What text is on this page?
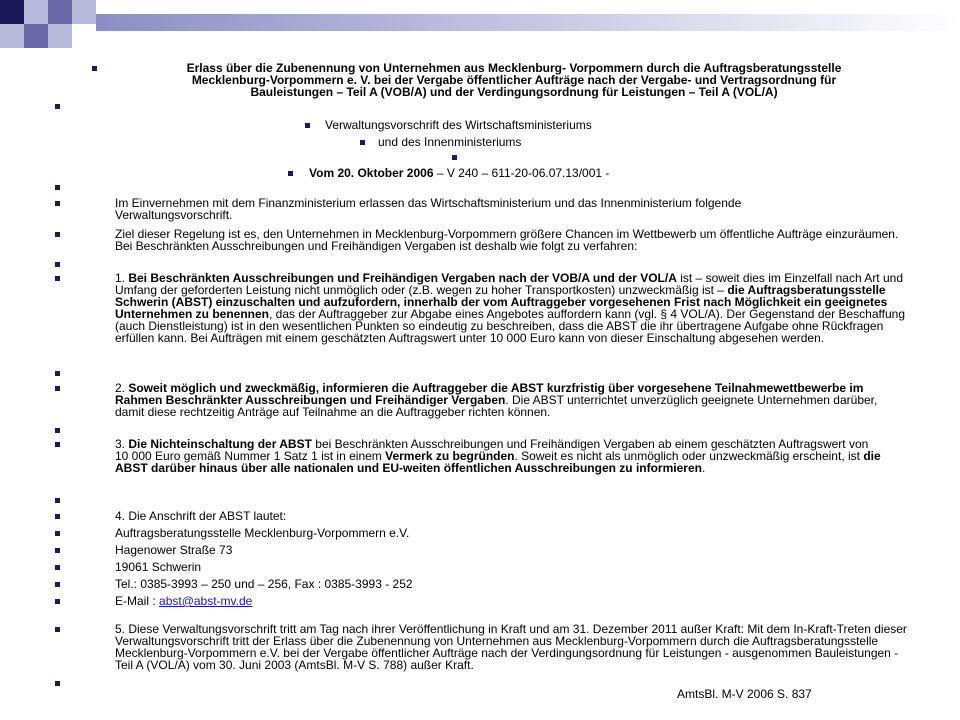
Erlass über die Zubenennung von Unternehmen aus Mecklenburg- Vorpommern durch die Auftragsberatungsstelle Mecklenburg-Vorpommern e. V. bei der Vergabe öffentlicher Aufträge nach der Vergabe- und Vertragsordnung für Bauleistungen – Teil A (VOB/A) und der Verdingungsordnung für Leistungen – Teil A (VOL/A)
Verwaltungsvorschrift des Wirtschaftsministeriums
und des Innenministeriums
Vom 20. Oktober 2006 – V 240 – 611-20-06.07.13/001 -
Im Einvernehmen mit dem Finanzministerium erlassen das Wirtschaftsministerium und das Innenministerium folgende Verwaltungsvorschrift.
Ziel dieser Regelung ist es, den Unternehmen in Mecklenburg-Vorpommern größere Chancen im Wettbewerb um öffentliche Aufträge einzuräumen. Bei Beschränkten Ausschreibungen und Freihändigen Vergaben ist deshalb wie folgt zu verfahren:
1. Bei Beschränkten Ausschreibungen und Freihändigen Vergaben nach der VOB/A und der VOL/A ist – soweit dies im Einzelfall nach Art und Umfang der geforderten Leistung nicht unmöglich oder (z.B. wegen zu hoher Transportkosten) unzweckmäßig ist – die Auftragsberatungsstelle Schwerin (ABST) einzuschalten und aufzufordern, innerhalb der vom Auftraggeber vorgesehenen Frist nach Möglichkeit ein geeignetes Unternehmen zu benennen, das der Auftraggeber zur Abgabe eines Angebotes auffordern kann (vgl. § 4 VOL/A). Der Gegenstand der Beschaffung (auch Dienstleistung) ist in den wesentlichen Punkten so eindeutig zu beschreiben, dass die ABST die ihr übertragene Aufgabe ohne Rückfragen erfüllen kann. Bei Aufträgen mit einem geschätzten Auftragswert unter 10 000 Euro kann von dieser Einschaltung abgesehen werden.
2. Soweit möglich und zweckmäßig, informieren die Auftraggeber die ABST kurzfristig über vorgesehene Teilnahmewettbewerbe im Rahmen Beschränkter Ausschreibungen und Freihändiger Vergaben. Die ABST unterrichtet unverzüglich geeignete Unternehmen darüber, damit diese rechtzeitig Anträge auf Teilnahme an die Auftraggeber richten können.
3. Die Nichteinschaltung der ABST bei Beschränkten Ausschreibungen und Freihändigen Vergaben ab einem geschätzten Auftragswert von
10 000 Euro gemäß Nummer 1 Satz 1 ist in einem Vermerk zu begründen. Soweit es nicht als unmöglich oder unzweckmäßig erscheint, ist die ABST darüber hinaus über alle nationalen und EU-weiten öffentlichen Ausschreibungen zu informieren.
4. Die Anschrift der ABST lautet:
Auftragsberatungsstelle Mecklenburg-Vorpommern e.V.
Hagenower Straße 73
19061 Schwerin
Tel.: 0385-3993 – 250 und – 256, Fax : 0385-3993 - 252
E-Mail : abst@abst-mv.de
5. Diese Verwaltungsvorschrift tritt am Tag nach ihrer Veröffentlichung in Kraft und am 31. Dezember 2011 außer Kraft: Mit dem In-Kraft-Treten dieser Verwaltungsvorschrift tritt der Erlass über die Zubenennung von Unternehmen aus Mecklenburg-Vorpommern durch die Auftragsberatungsstelle Mecklenburg-Vorpommern e.V. bei der Vergabe öffentlicher Aufträge nach der Verdingungsordnung für Leistungen - ausgenommen Bauleistungen - Teil A (VOL/A) vom 30. Juni 2003 (AmtsBl. M-V S. 788) außer Kraft.
AmtsBl. M-V 2006 S. 837
